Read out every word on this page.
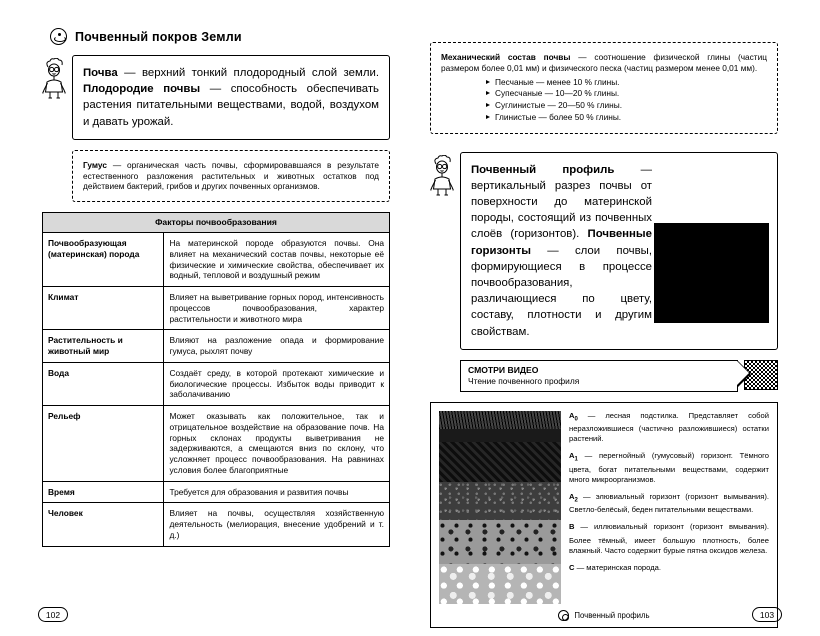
Почвенный покров Земли
Почва — верхний тонкий плодородный слой земли. Плодородие почвы — способность обеспечивать растения питательными веществами, водой, воздухом и давать урожай.
Гумус — органическая часть почвы, сформировавшаяся в результате естественного разложения растительных и животных остатков под действием бактерий, грибов и других почвенных организмов.
Факторы почвообразования	
Почвообразующая (материнская) порода	На материнской породе образуются почвы. Она влияет на механический состав почвы, некоторые её физические и химические свойства, обеспечивает их водный, тепловой и воздушный режим
Климат	Влияет на выветривание горных пород, интенсивность процессов почвообразования, характер растительности и животного мира
Растительность и животный мир	Влияют на разложение опада и формирование гумуса, рыхлят почву
Вода	Создаёт среду, в которой протекают химические и биологические процессы. Избыток воды приводит к заболачиванию
Рельеф	Может оказывать как положительное, так и отрицательное воздействие на образование почв. На горных склонах продукты выветривания не задерживаются, а смещаются вниз по склону, что усложняет процесс почвообразования. На равнинах условия более благоприятные
Время	Требуется для образования и развития почвы
Человек	Влияет на почвы, осуществляя хозяйственную деятельность (мелиорация, внесение удобрений и т. д.)
102
Механический состав почвы — соотношение физической глины (частиц размером более 0,01 мм) и физического песка (частиц размером менее 0,01 мм).
Песчаные — менее 10 % глины.
Супесчаные — 10—20 % глины.
Суглинистые — 20—50 % глины.
Глинистые — более 50 % глины.
Почвенный профиль — вертикальный разрез почвы от поверхности до материнской породы, состоящий из почвенных слоёв (горизонтов). Почвенные горизонты — слои почвы, формирующиеся в процессе почвообразования, различающиеся по цвету, составу, плотности и другим свойствам.
СМОТРИ ВИДЕО
Чтение почвенного профиля
$A_0$ — лесная подстилка. Представляет собой неразложившиеся (частично разложившиеся) остатки растений.
$A_1$ — перегнойный (гумусовый) горизонт. Тёмного цвета, богат питательными веществами, содержит много микроорганизмов.
$A_2$ — элювиальный горизонт (горизонт вымывания). Светло-белёсый, беден питательными веществами.
B — иллювиальный горизонт (горизонт вмывания). Более тёмный, имеет большую плотность, более влажный. Часто содержит бурые пятна оксидов железа.
C — материнская порода.
Почвенный профиль	103
